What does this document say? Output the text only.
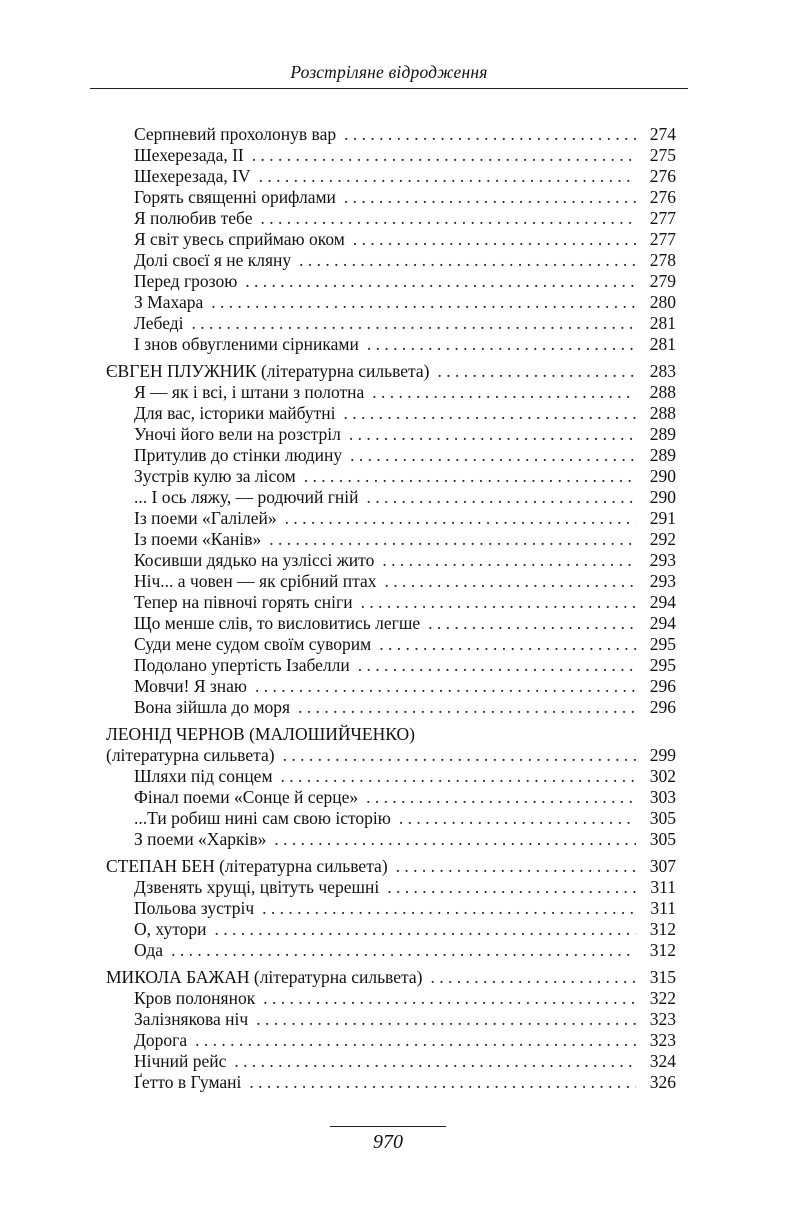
Розстріляне відродження
Серпневий прохолонув вар . . .	274
Шехерезада, II . . .	275
Шехерезада, IV . . .	276
Горять священні орифлами . . .	276
Я полюбив тебе . . .	277
Я світ увесь сприймаю оком . . .	277
Долі своєї я не кляну . . .	278
Перед грозою . . .	279
З Махара . . .	280
Лебеді . . .	281
І знов обвугленими сірниками . . .	281
ЄВГЕН ПЛУЖНИК (літературна сильвета) . . .	283
Я — як і всі, і штани з полотна . . .	288
Для вас, історики майбутні . . .	288
Уночі його вели на розстріл . . .	289
Притулив до стінки людину . . .	289
Зустрів кулю за лісом . . .	290
... І ось ляжу, — родючий гній . . .	290
Із поеми «Галілей» . . .	291
Із поеми «Канів» . . .	292
Косивши дядько на узліссі жито . . .	293
Ніч... а човен — як срібний птах . . .	293
Тепер на півночі горять сніги . . .	294
Що менше слів, то висловитись легше . . .	294
Суди мене судом своїм суворим . . .	295
Подолано упертість Ізабелли . . .	295
Мовчи! Я знаю . . .	296
Вона зійшла до моря . . .	296
ЛЕОНІД ЧЕРНОВ (МАЛОШИЙЧЕНКО)
(літературна сильвета) . . .	299
Шляхи під сонцем . . .	302
Фінал поеми «Сонце й серце» . . .	303
...Ти робиш нині сам свою історію . . .	305
З поеми «Харків» . . .	305
СТЕПАН БЕН (літературна сильвета) . . .	307
Дзвенять хрущі, цвітуть черешні . . .	311
Польова зустріч . . .	311
О, хутори . . .	312
Ода . . .	312
МИКОЛА БАЖАН (літературна сильвета) . . .	315
Кров полонянок . . .	322
Залізнякова ніч . . .	323
Дорога . . .	323
Нічний рейс . . .	324
Ґетто в Гумані . . .	326
970
